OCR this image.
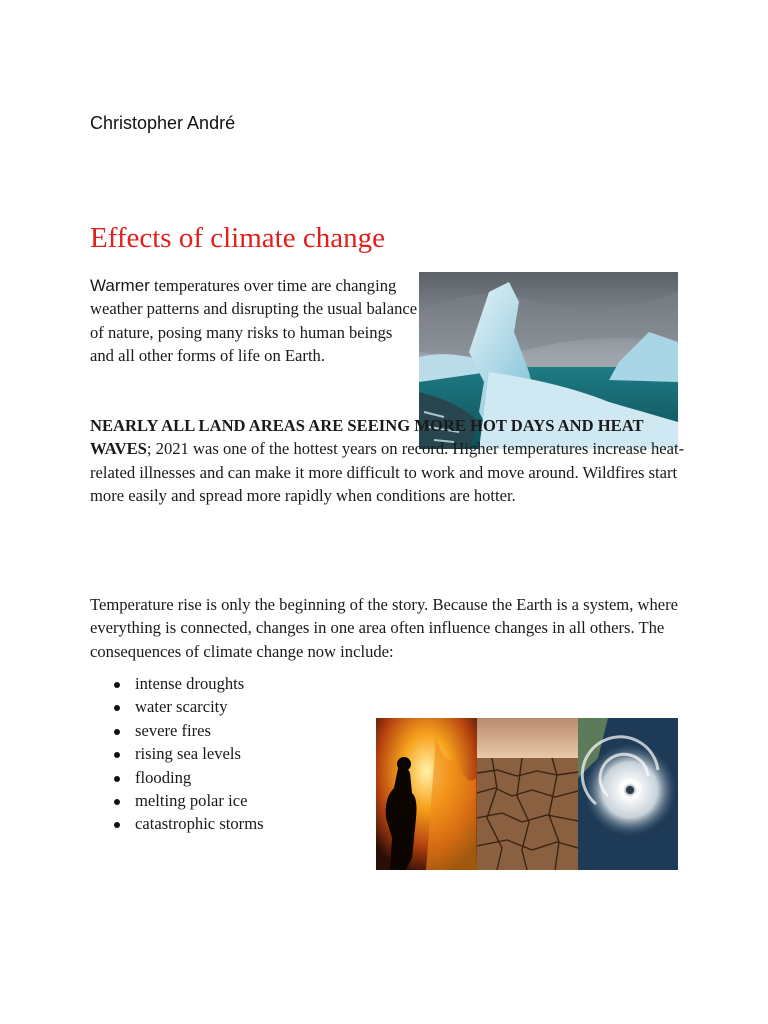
Christopher André

Effects of climate change

Warmer temperatures over time are changing weather patterns and disrupting the usual balance of nature, posing many risks to human beings and all other forms of life on Earth.

NEARLY ALL LAND AREAS ARE SEEING MORE HOT DAYS AND HEAT WAVES; 2021 was one of the hottest years on record. Higher temperatures increase heat-related illnesses and can make it more difficult to work and move around. Wildfires start more easily and spread more rapidly when conditions are hotter.

Temperature rise is only the beginning of the story. Because the Earth is a system, where everything is connected, changes in one area often influence changes in all others. The consequences of climate change now include:

intense droughts
water scarcity
severe fires
rising sea levels
flooding
melting polar ice
catastrophic storms
